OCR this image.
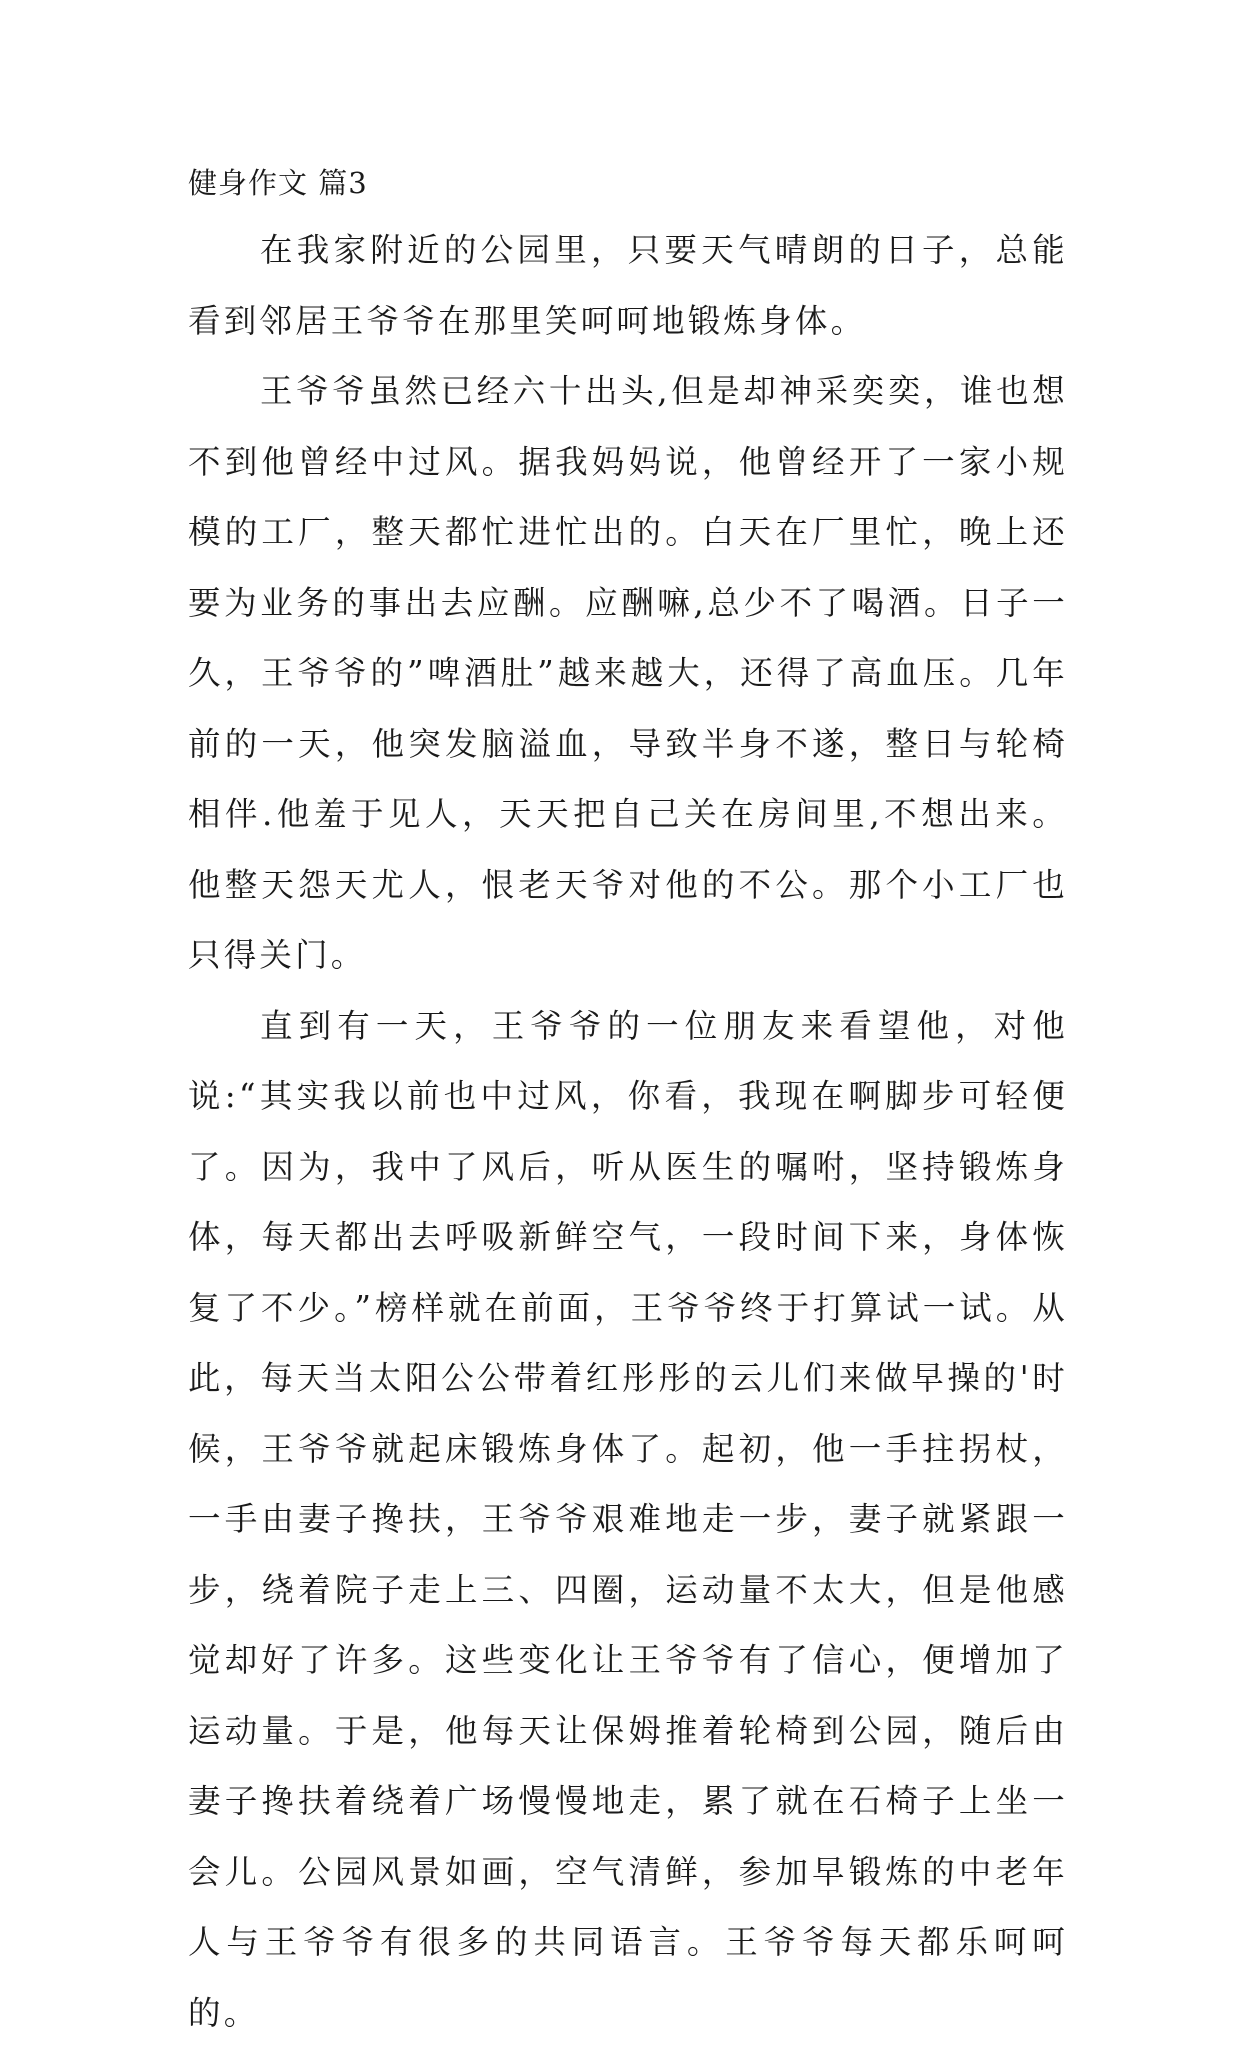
健身作文 篇3

在我家附近的公园里，只要天气晴朗的日子，总能看到邻居王爷爷在那里笑呵呵地锻炼身体。

王爷爷虽然已经六十出头,但是却神采奕奕，谁也想不到他曾经中过风。据我妈妈说，他曾经开了一家小规模的工厂，整天都忙进忙出的。白天在厂里忙，晚上还要为业务的事出去应酬。应酬嘛,总少不了喝酒。日子一久，王爷爷的”啤酒肚”越来越大，还得了高血压。几年前的一天，他突发脑溢血，导致半身不遂，整日与轮椅相伴.他羞于见人，天天把自己关在房间里,不想出来。他整天怨天尤人，恨老天爷对他的不公。那个小工厂也只得关门。

直到有一天，王爷爷的一位朋友来看望他，对他说:“其实我以前也中过风，你看，我现在啊脚步可轻便了。因为，我中了风后，听从医生的嘱咐，坚持锻炼身体，每天都出去呼吸新鲜空气，一段时间下来，身体恢复了不少。”榜样就在前面，王爷爷终于打算试一试。从此，每天当太阳公公带着红彤彤的云儿们来做早操的'时候，王爷爷就起床锻炼身体了。起初，他一手拄拐杖，一手由妻子搀扶，王爷爷艰难地走一步，妻子就紧跟一步，绕着院子走上三、四圈，运动量不太大，但是他感觉却好了许多。这些变化让王爷爷有了信心，便增加了运动量。于是，他每天让保姆推着轮椅到公园，随后由妻子搀扶着绕着广场慢慢地走，累了就在石椅子上坐一会儿。公园风景如画，空气清鲜，参加早锻炼的中老年人与王爷爷有很多的共同语言。王爷爷每天都乐呵呵的。
